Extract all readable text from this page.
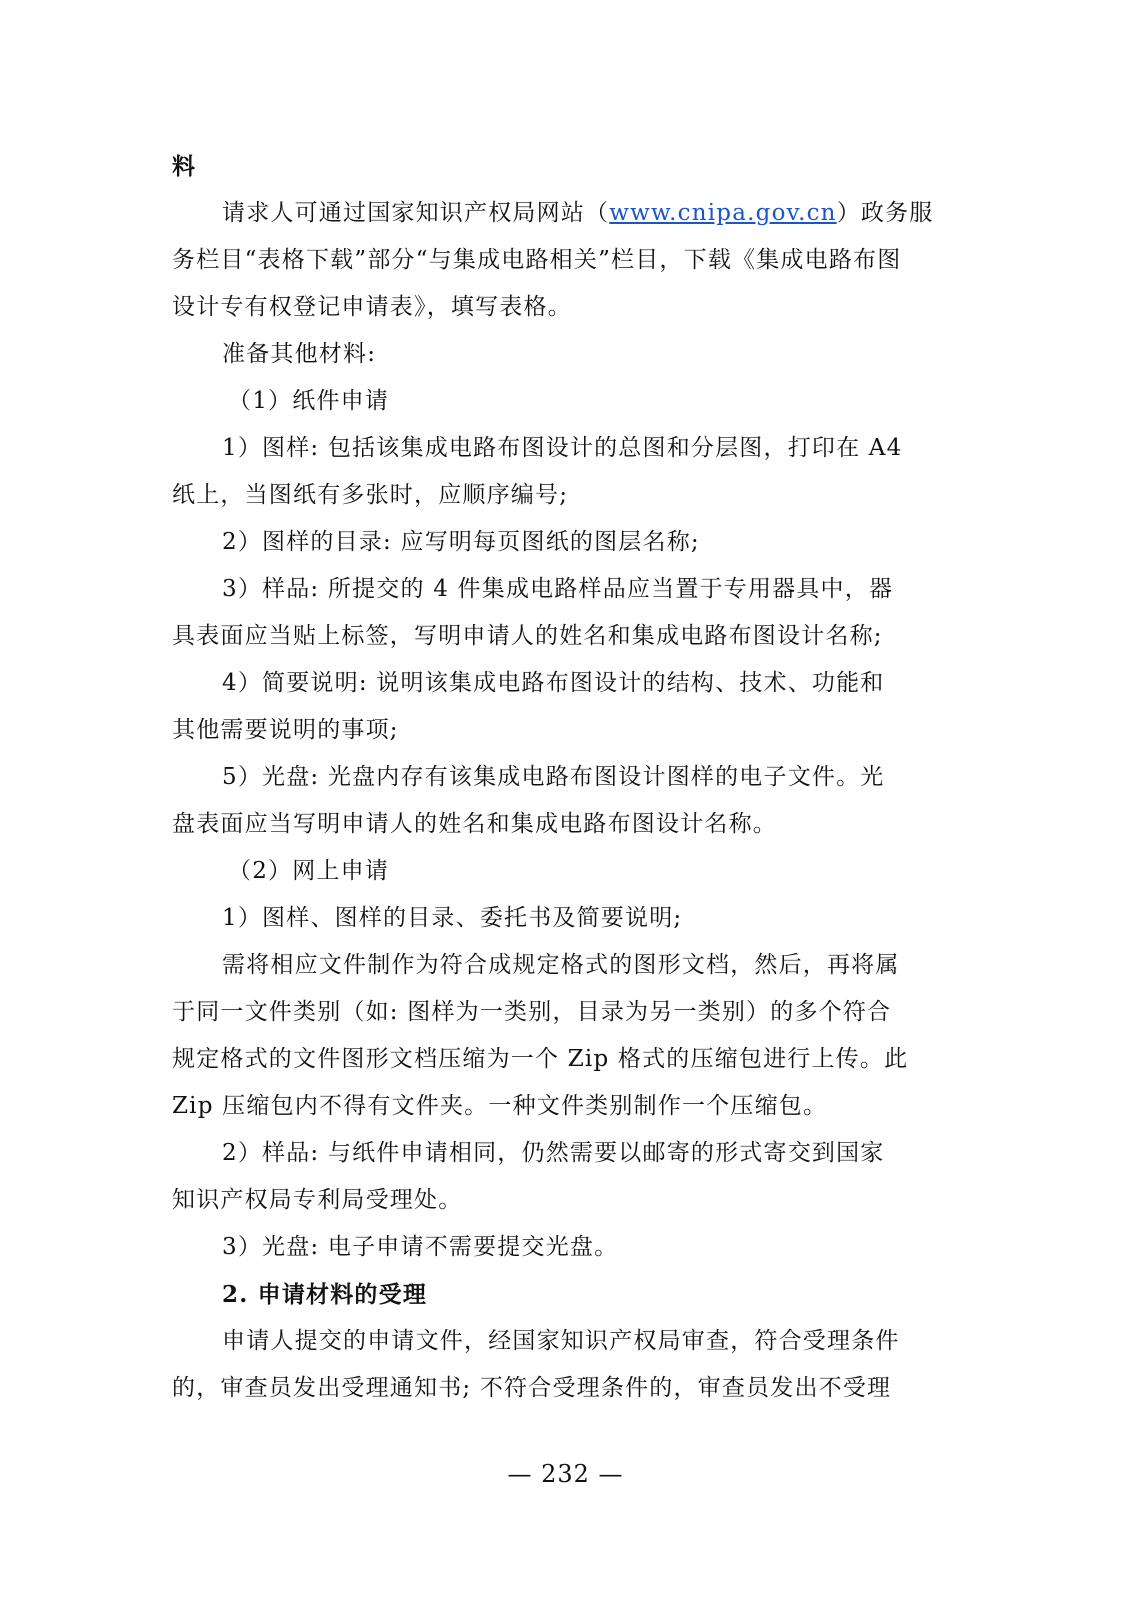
料
请求人可通过国家知识产权局网站（www.cnipa.gov.cn）政务服
务栏目“表格下载”部分“与集成电路相关”栏目，下载《集成电路布图
设计专有权登记申请表》，填写表格。
准备其他材料:
（1）纸件申请
1）图样: 包括该集成电路布图设计的总图和分层图，打印在 A4
纸上，当图纸有多张时，应顺序编号;
2）图样的目录: 应写明每页图纸的图层名称;
3）样品: 所提交的 4 件集成电路样品应当置于专用器具中，器
具表面应当贴上标签，写明申请人的姓名和集成电路布图设计名称;
4）简要说明: 说明该集成电路布图设计的结构、技术、功能和
其他需要说明的事项;
5）光盘: 光盘内存有该集成电路布图设计图样的电子文件。光
盘表面应当写明申请人的姓名和集成电路布图设计名称。
（2）网上申请
1）图样、图样的目录、委托书及简要说明;
需将相应文件制作为符合成规定格式的图形文档，然后，再将属
于同一文件类别（如: 图样为一类别，目录为另一类别）的多个符合
规定格式的文件图形文档压缩为一个 Zip 格式的压缩包进行上传。此
Zip 压缩包内不得有文件夹。一种文件类别制作一个压缩包。
2）样品: 与纸件申请相同，仍然需要以邮寄的形式寄交到国家
知识产权局专利局受理处。
3）光盘: 电子申请不需要提交光盘。
2. 申请材料的受理
申请人提交的申请文件，经国家知识产权局审查，符合受理条件
的，审查员发出受理通知书; 不符合受理条件的，审查员发出不受理
— 232 —
